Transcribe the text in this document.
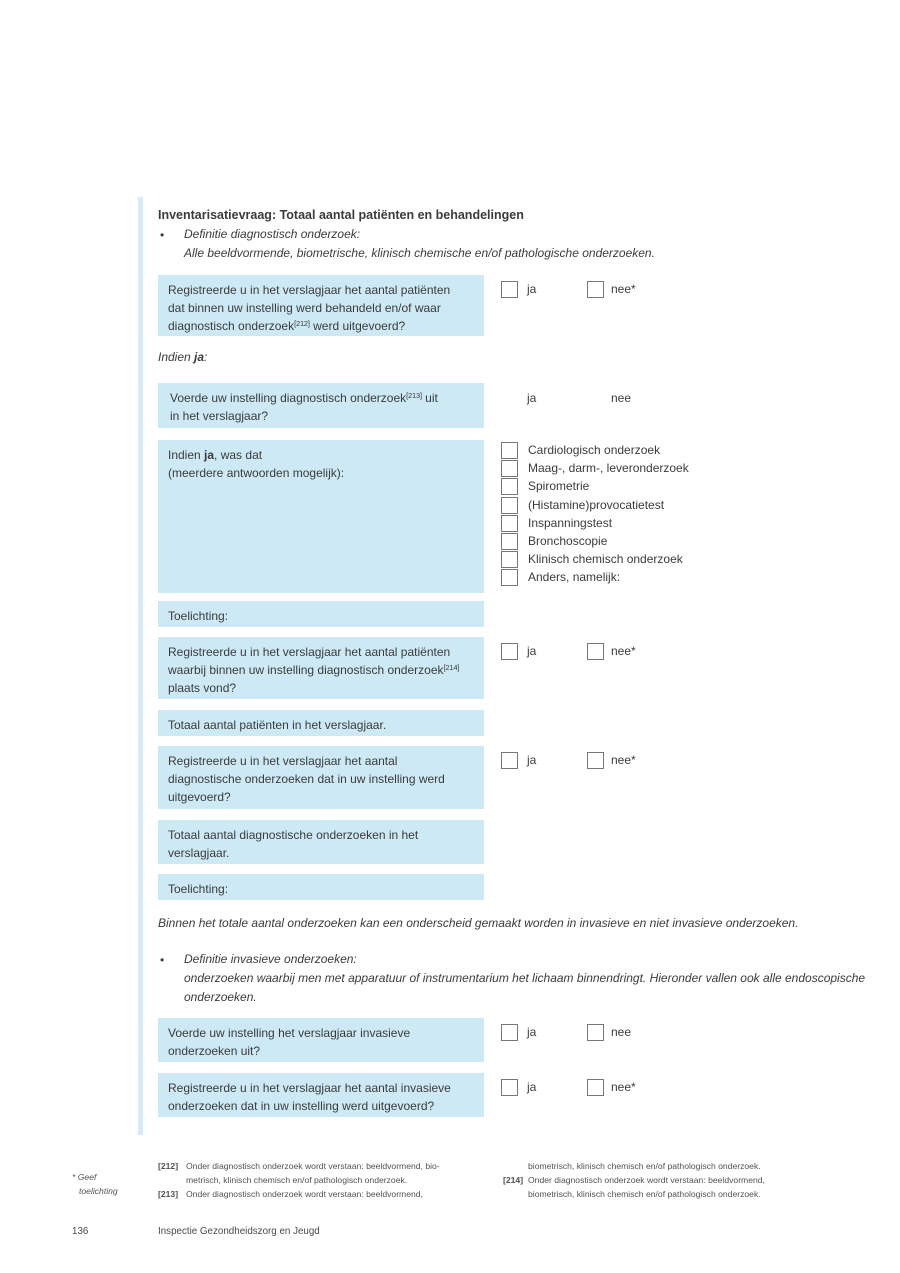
Inventarisatievraag: Totaal aantal patiënten en behandelingen
• Definitie diagnostisch onderzoek:
Alle beeldvormende, biometrische, klinisch chemische en/of pathologische onderzoeken.
Registreerde u in het verslagjaar het aantal patiënten
dat binnen uw instelling werd behandeld en/of waar
diagnostisch onderzoek[212] werd uitgevoerd?
ja	nee*
Indien ja:
Voerde uw instelling diagnostisch onderzoek[213] uit
in het verslagjaar?
ja	nee
Indien ja, was dat
(meerdere antwoorden mogelijk):
Cardiologisch onderzoek
Maag-, darm-, leveronderzoek
Spirometrie
(Histamine)provocatietest
Inspanningstest
Bronchoscopie
Klinisch chemisch onderzoek
Anders, namelijk:
Toelichting:
Registreerde u in het verslagjaar het aantal patiënten
waarbij binnen uw instelling diagnostisch onderzoek[214]
plaats vond?
ja	nee*
Totaal aantal patiënten in het verslagjaar.
Registreerde u in het verslagjaar het aantal
diagnostische onderzoeken dat in uw instelling werd
uitgevoerd?
ja	nee*
Totaal aantal diagnostische onderzoeken in het
verslagjaar.
Toelichting:
Binnen het totale aantal onderzoeken kan een onderscheid gemaakt worden in invasieve en niet invasieve onderzoeken.
• Definitie invasieve onderzoeken:
onderzoeken waarbij men met apparatuur of instrumentarium het lichaam binnendringt. Hieronder vallen ook alle endoscopische
onderzoeken.
Voerde uw instelling het verslagjaar invasieve
onderzoeken uit?
ja	nee
Registreerde u in het verslagjaar het aantal invasieve
onderzoeken dat in uw instelling werd uitgevoerd?
ja	nee*
* Geef
toelichting
[212] Onder diagnostisch onderzoek wordt verstaan: beeldvormend, bio-
metrisch, klinisch chemisch en/of pathologisch onderzoek.
[213] Onder diagnostisch onderzoek wordt verstaan: beeldvormend,
biometrisch, klinisch chemisch en/of pathologisch onderzoek.
[214] Onder diagnostisch onderzoek wordt verstaan: beeldvormend,
biometrisch, klinisch chemisch en/of pathologisch onderzoek.
136	Inspectie Gezondheidszorg en Jeugd
